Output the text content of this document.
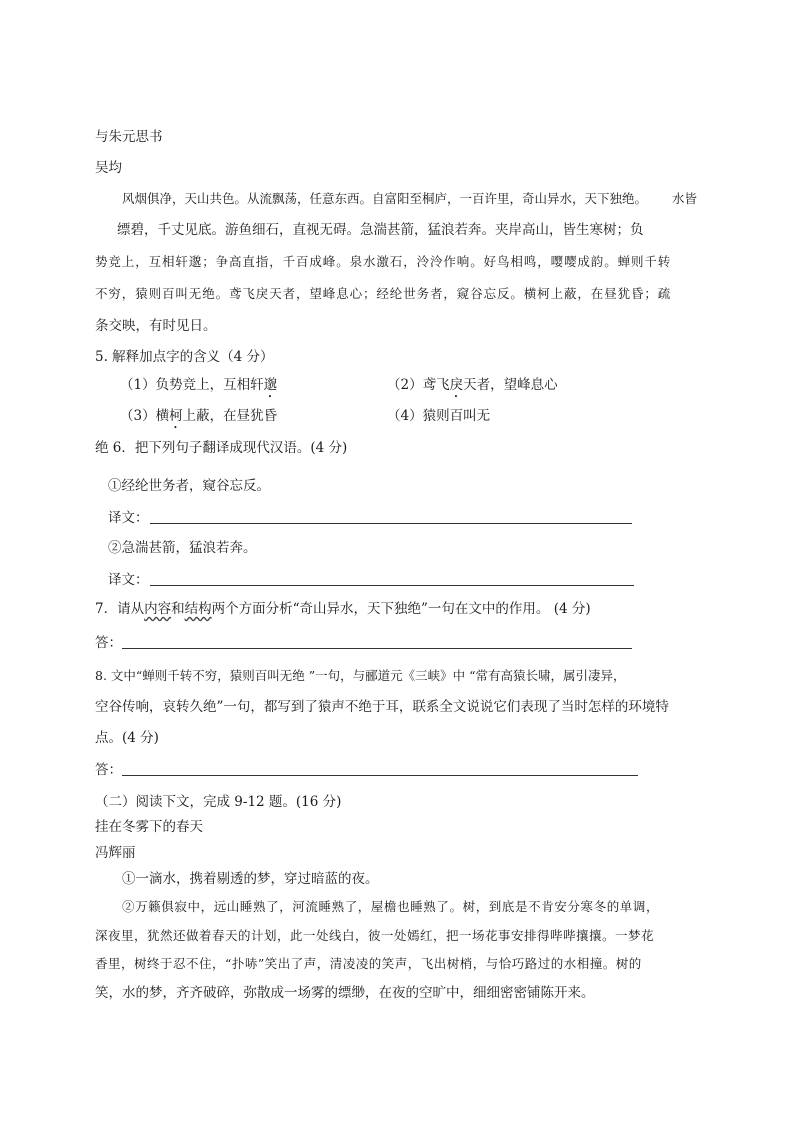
与朱元思书
吴均
风烟俱净，天山共色。从流飘荡，任意东西。自富阳至桐庐，一百许里，奇山异水，天下独绝。 水皆
缥碧，千丈见底。游鱼细石，直视无碍。急湍甚箭，猛浪若奔。夹岸高山，皆生寒树；负
势竞上，互相轩邈；争高直指，千百成峰。泉水激石，泠泠作响。好鸟相鸣，嘤嘤成韵。蝉则千转
不穷，猿则百叫无绝。鸢飞戾天者，望峰息心；经纶世务者，窥谷忘反。横柯上蔽，在昼犹昏；疏
条交映，有时见日。
5. 解释加点字的含义（4 分）
（1）负势竞上，互相轩邈	（2）鸢飞戾天者，望峰息心
（3）横柯上蔽，在昼犹昏	（4）猿则百叫无
绝 6．把下列句子翻译成现代汉语。(4 分)
①经纶世务者，窥谷忘反。
译文：
②急湍甚箭，猛浪若奔。
译文：
7．请从内容和结构两个方面分析“奇山异水，天下独绝”一句在文中的作用。 (4 分)
答：
8. 文中“蝉则千转不穷，猿则百叫无绝 ”一句，与郦道元《三峡》中 “常有高猿长啸，属引凄异，
空谷传响，哀转久绝”一句，都写到了猿声不绝于耳，联系全文说说它们表现了当时怎样的环境特
点。(4 分)
答：
（二）阅读下文，完成 9-12 题。(16 分)
挂在冬雾下的春天
冯辉丽
①一滴水，携着剔透的梦，穿过暗蓝的夜。
②万籁俱寂中，远山睡熟了，河流睡熟了，屋檐也睡熟了。树，到底是不肯安分寒冬的单调，
深夜里，犹然还做着春天的计划，此一处线白，彼一处嫣红，把一场花事安排得哔哔攘攘。一梦花
香里，树终于忍不住，“扑哧”笑出了声，清凌凌的笑声，飞出树梢，与恰巧路过的水相撞。树的
笑，水的梦，齐齐破碎，弥散成一场雾的缥缈，在夜的空旷中，细细密密铺陈开来。
